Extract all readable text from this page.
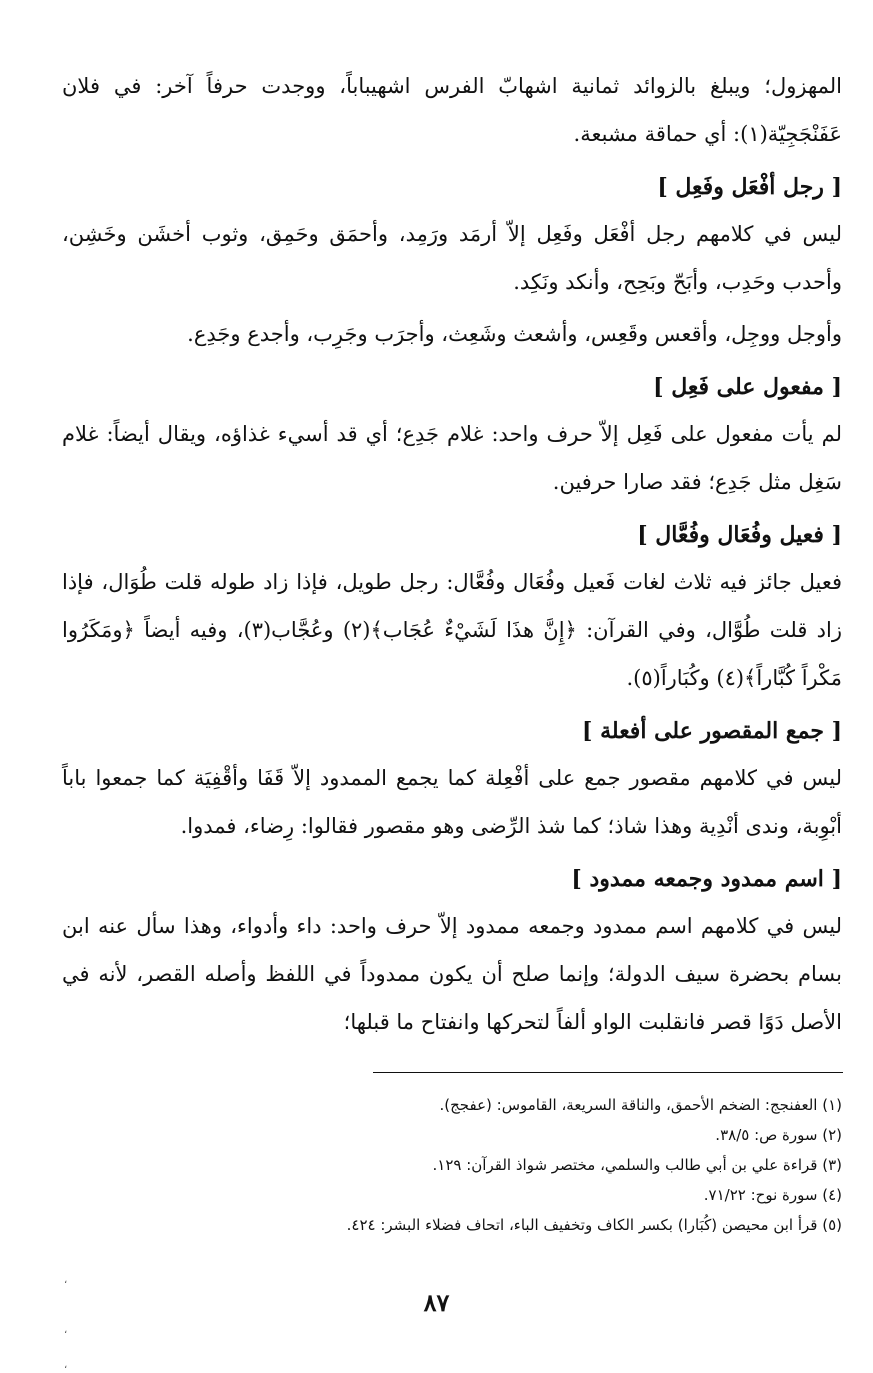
المهزول؛ ويبلغ بالزوائد ثمانية اشهابّ الفرس اشهيباباً، ووجدت حرفاً آخر: في فلان عَفَنْجَجِيّة(١): أي حماقة مشبعة.

[ رجل أفْعَل وفَعِل ]

ليس في كلامهم رجل أفْعَل وفَعِل إلاّ أرمَد ورَمِد، وأحمَق وحَمِق، وثوب أخشَن وخَشِن، وأحدب وحَدِب، وأبَحّ وبَحِح، وأنكد ونَكِد.

وأوجل ووجِل، وأقعس وقَعِس، وأشعث وشَعِث، وأجرَب وجَرِب، وأجدع وجَدِع.

[ مفعول على فَعِل ]

لم يأت مفعول على فَعِل إلاّ حرف واحد: غلام جَدِع؛ أي قد أسيء غذاؤه، ويقال أيضاً: غلام سَغِل مثل جَدِع؛ فقد صارا حرفين.

[ فعيل وفُعَال وفُعَّال ]

فعيل جائز فيه ثلاث لغات فَعيل وفُعَال وفُعَّال: رجل طويل، فإذا زاد طوله قلت طُوَال، فإذا زاد قلت طُوَّال، وفي القرآن: ﴿إِنَّ هذَا لَشَيْءٌ عُجَاب﴾(٢) وعُجَّاب(٣)، وفيه أيضاً ﴿ومَكَرُوا مَكْراً كُبَّاراً﴾(٤) وكُبَاراً(٥).

[ جمع المقصور على أفعلة ]

ليس في كلامهم مقصور جمع على أفْعِلة كما يجمع الممدود إلاّ قَفَا وأقْفِيَة كما جمعوا باباً أبْوِبة، وندى أنْدِية وهذا شاذ؛ كما شذ الرِّضى وهو مقصور فقالوا: رِضاء، فمدوا.

[ اسم ممدود وجمعه ممدود ]

ليس في كلامهم اسم ممدود وجمعه ممدود إلاّ حرف واحد: داء وأدواء، وهذا سأل عنه ابن بسام بحضرة سيف الدولة؛ وإنما صلح أن يكون ممدوداً في اللفظ وأصله القصر، لأنه في الأصل دَوًا قصر فانقلبت الواو ألفاً لتحركها وانفتاح ما قبلها؛

(١) العفنجج: الضخم الأحمق، والناقة السريعة، القاموس: (عفجج).

(٢) سورة ص: ٣٨/٥.

(٣) قراءة علي بن أبي طالب والسلمي، مختصر شواذ القرآن: ١٢٩.

(٤) سورة نوح: ٧١/٢٢.

(٥) قرأ ابن محيصن (كُبَارا) بكسر الكاف وتخفيف الباء، اتحاف فضلاء البشر: ٤٢٤.

٨٧
،
،
،
